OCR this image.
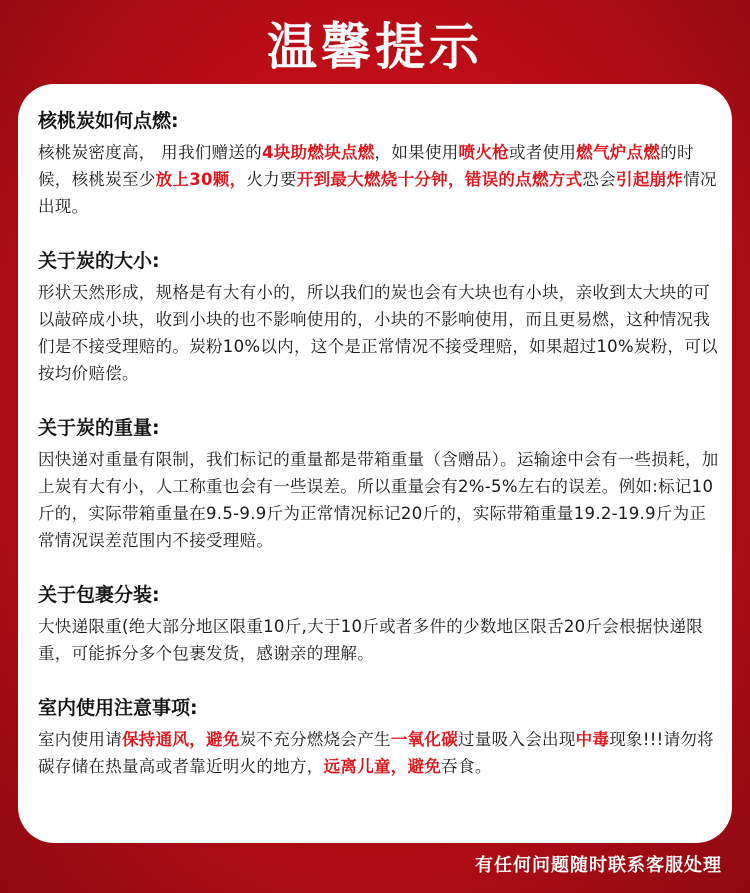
温馨提示
核桃炭如何点燃:

核桃炭密度高， 用我们赠送的4块助燃块点燃，如果使用喷火枪或者使用燃气炉点燃的时候，核桃炭至少放上30颗，火力要开到最大燃烧十分钟，错误的点燃方式恐会引起崩炸情况出现。

关于炭的大小:

形状天然形成，规格是有大有小的，所以我们的炭也会有大块也有小块，亲收到太大块的可以敲碎成小块，收到小块的也不影响使用的，小块的不影响使用，而且更易燃，这种情况我们是不接受理赔的。炭粉10%以内，这个是正常情况不接受理赔，如果超过10%炭粉，可以按均价赔偿。

关于炭的重量:

因快递对重量有限制，我们标记的重量都是带箱重量（含赠品）。运输途中会有一些损耗，加上炭有大有小，人工称重也会有一些误差。所以重量会有2%-5%左右的误差。例如:标记10斤的，实际带箱重量在9.5-9.9斤为正常情况标记20斤的，实际带箱重量19.2-19.9斤为正常情况误差范围内不接受理赔。

关于包裹分装:

大快递限重(绝大部分地区限重10斤,大于10斤或者多件的少数地区限舌20斤会根据快递限重，可能拆分多个包裹发货，感谢亲的理解。

室内使用注意事项:

室内使用请保持通风，避免炭不充分燃烧会产生一氧化碳过量吸入会出现中毒现象!!!请勿将碳存储在热量高或者靠近明火的地方，远离儿童，避免吞食。

有任何问题随时联系客服处理
